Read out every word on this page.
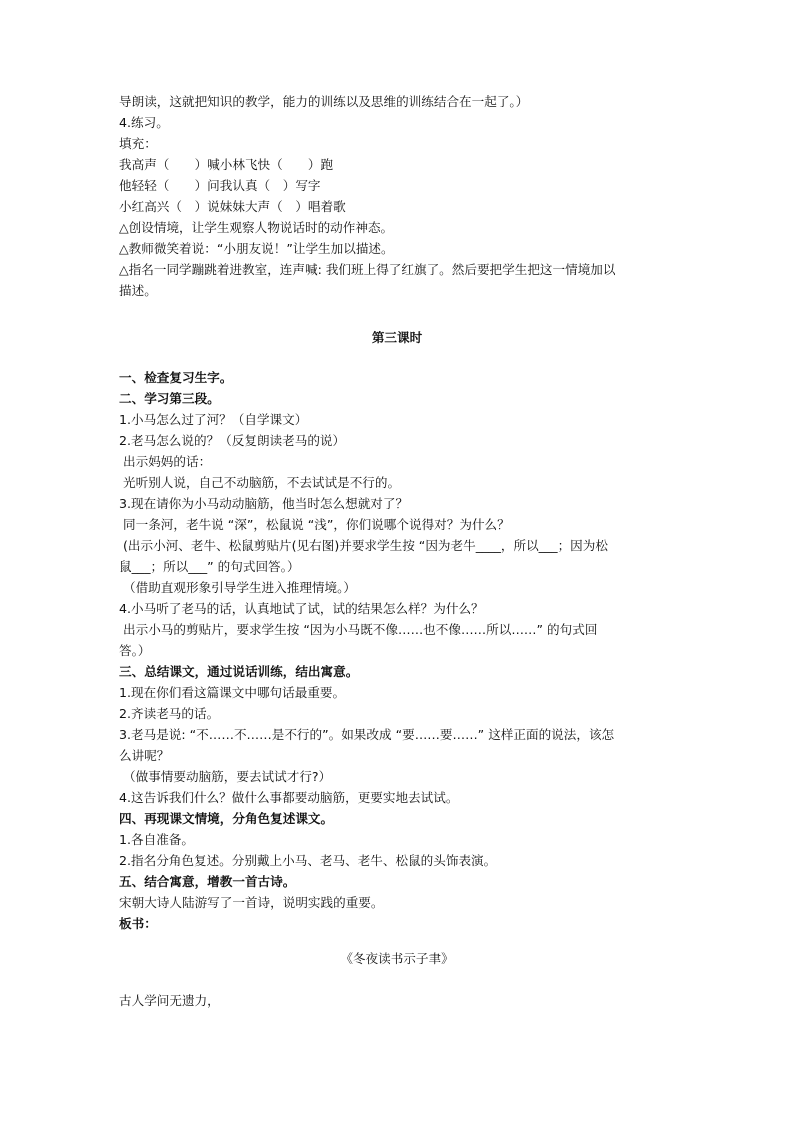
导朗读，这就把知识的教学，能力的训练以及思维的训练结合在一起了。）
4.练习。
填充：
我高声（　　）喊小林飞快（　　）跑
他轻轻（　　）问我认真（　）写字
小红高兴（　）说妹妹大声（　）唱着歌
△创设情境，让学生观察人物说话时的动作神态。
△教师微笑着说：“小朋友说！”让学生加以描述。
△指名一同学蹦跳着进教室，连声喊: 我们班上得了红旗了。然后要把学生把这一情境加以
描述。
第三课时
一、检查复习生字。
二、学习第三段。
1.小马怎么过了河？（自学课文）
2.老马怎么说的？（反复朗读老马的说）
出示妈妈的话：
光听别人说，自己不动脑筋，不去试试是不行的。
3.现在请你为小马动动脑筋，他当时怎么想就对了？
同一条河，老牛说 “深”，松鼠说 “浅”，你们说哪个说得对？为什么？
(出示小河、老牛、松鼠剪贴片(见右图)并要求学生按 “因为老牛____，所以___；因为松
鼠___；所以___” 的句式回答。）
（借助直观形象引导学生进入推理情境。）
4.小马听了老马的话，认真地试了试，试的结果怎么样？为什么？
出示小马的剪贴片，要求学生按 “因为小马既不像……也不像……所以……” 的句式回
答。）
三、总结课文，通过说话训练，结出寓意。
1.现在你们看这篇课文中哪句话最重要。
2.齐读老马的话。
3.老马是说: “不……不……是不行的”。如果改成 “要……要……” 这样正面的说法，该怎
么讲呢？
（做事情要动脑筋，要去试试才行?）
4.这告诉我们什么？做什么事都要动脑筋，更要实地去试试。
四、再现课文情境，分角色复述课文。
1.各自准备。
2.指名分角色复述。分别戴上小马、老马、老牛、松鼠的头饰表演。
五、结合寓意，增教一首古诗。
宋朝大诗人陆游写了一首诗，说明实践的重要。
板书：
《冬夜读书示子聿》
古人学问无遗力，
